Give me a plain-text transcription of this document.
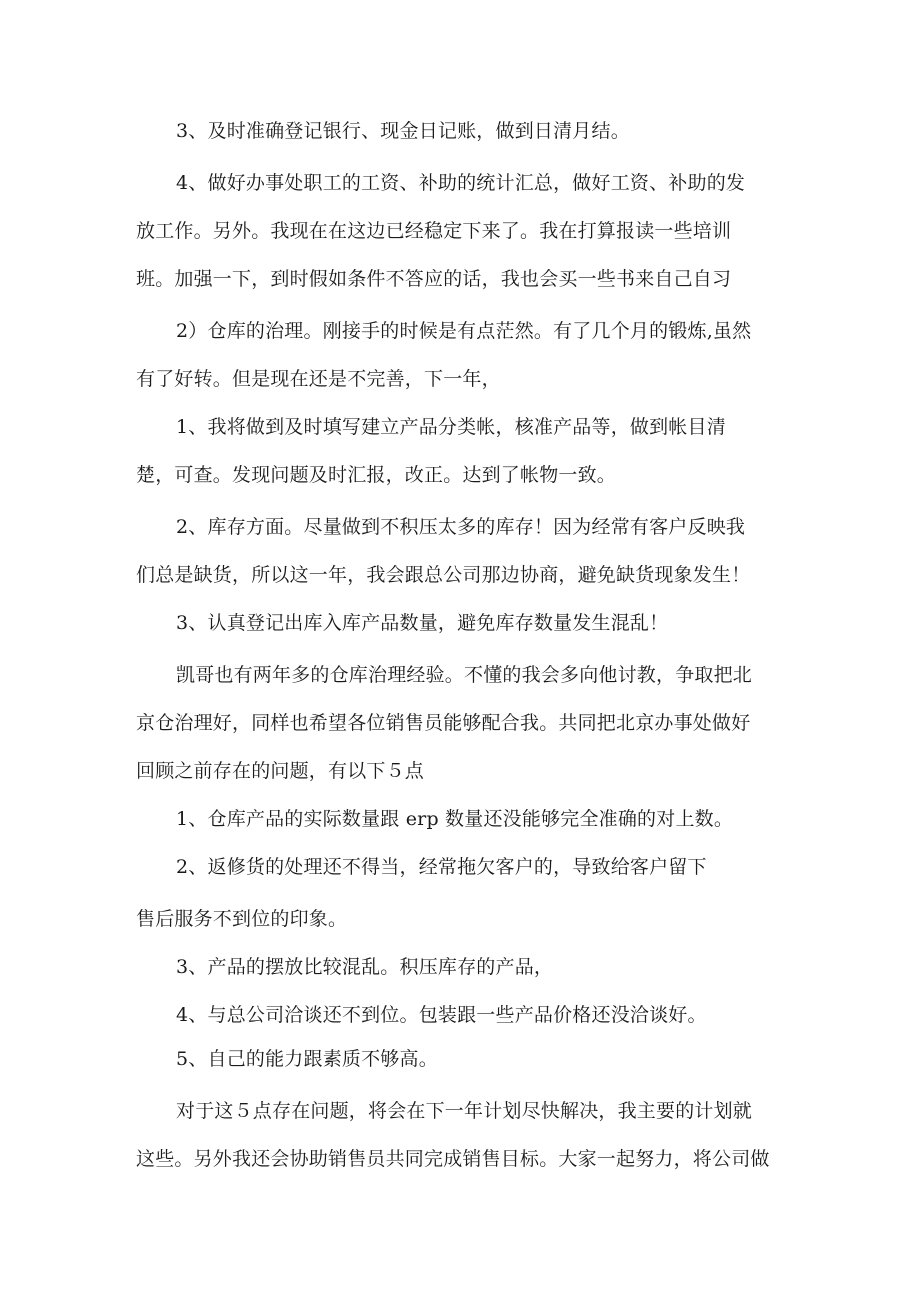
3、及时准确登记银行、现金日记账，做到日清月结。
4、做好办事处职工的工资、补助的统计汇总，做好工资、补助的发
放工作。另外。我现在在这边已经稳定下来了。我在打算报读一些培训
班。加强一下，到时假如条件不答应的话，我也会买一些书来自己自习
2）仓库的治理。刚接手的时候是有点茫然。有了几个月的锻炼,虽然
有了好转。但是现在还是不完善，下一年，
1、我将做到及时填写建立产品分类帐，核准产品等，做到帐目清
楚，可查。发现问题及时汇报，改正。达到了帐物一致。
2、库存方面。尽量做到不积压太多的库存！因为经常有客户反映我
们总是缺货，所以这一年，我会跟总公司那边协商，避免缺货现象发生！
3、认真登记出库入库产品数量，避免库存数量发生混乱！
凯哥也有两年多的仓库治理经验。不懂的我会多向他讨教，争取把北
京仓治理好，同样也希望各位销售员能够配合我。共同把北京办事处做好
回顾之前存在的问题，有以下５点
1、仓库产品的实际数量跟 erp 数量还没能够完全准确的对上数。
2、返修货的处理还不得当，经常拖欠客户的，导致给客户留下
售后服务不到位的印象。
3、产品的摆放比较混乱。积压库存的产品，
4、与总公司洽谈还不到位。包装跟一些产品价格还没洽谈好。
5、自己的能力跟素质不够高。
对于这５点存在问题，将会在下一年计划尽快解决，我主要的计划就
这些。另外我还会协助销售员共同完成销售目标。大家一起努力，将公司做
